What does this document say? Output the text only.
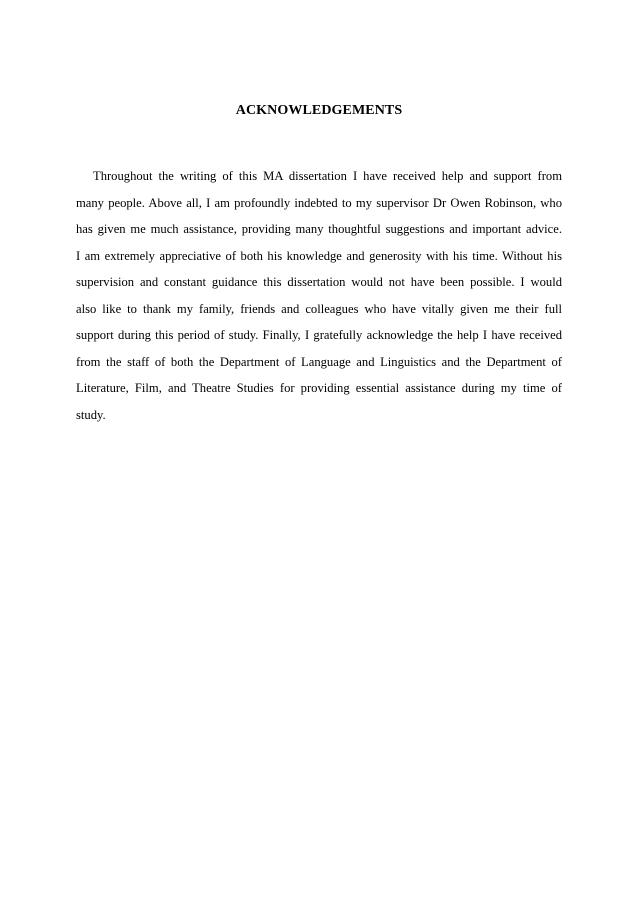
ACKNOWLEDGEMENTS
Throughout the writing of this MA dissertation I have received help and support from
many people. Above all, I am profoundly indebted to my supervisor Dr Owen Robinson, who
has given me much assistance, providing many thoughtful suggestions and important advice.
I am extremely appreciative of both his knowledge and generosity with his time. Without his
supervision and constant guidance this dissertation would not have been possible. I would
also like to thank my family, friends and colleagues who have vitally given me their full
support during this period of study. Finally, I gratefully acknowledge the help I have received
from the staff of both the Department of Language and Linguistics and the Department of
Literature, Film, and Theatre Studies for providing essential assistance during my time of
study.
